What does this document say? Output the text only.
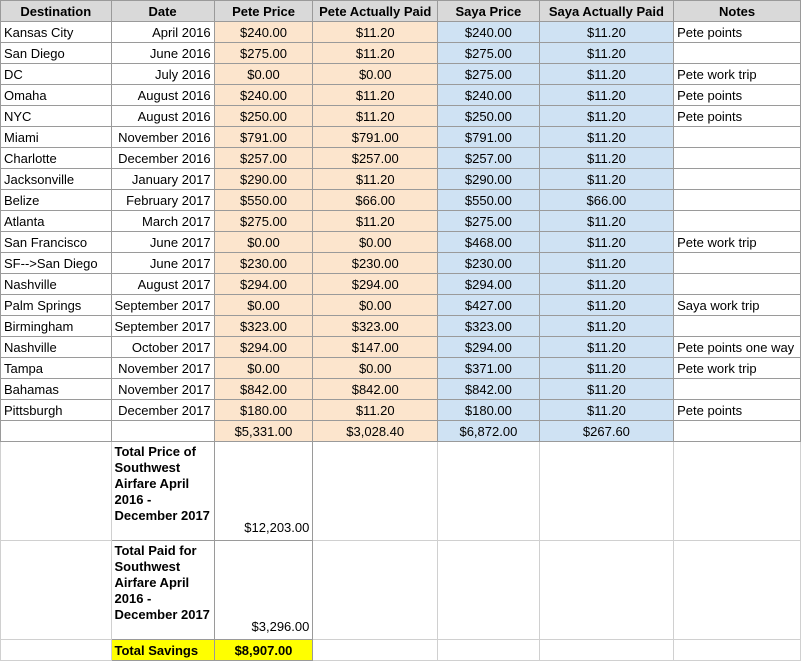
Destination	Date	Pete Price	Pete Actually Paid	Saya Price	Saya Actually Paid	Notes
Kansas City	April 2016	$240.00	$11.20	$240.00	$11.20	Pete points
San Diego	June 2016	$275.00	$11.20	$275.00	$11.20	
DC	July 2016	$0.00	$0.00	$275.00	$11.20	Pete work trip
Omaha	August 2016	$240.00	$11.20	$240.00	$11.20	Pete points
NYC	August 2016	$250.00	$11.20	$250.00	$11.20	Pete points
Miami	November 2016	$791.00	$791.00	$791.00	$11.20	
Charlotte	December 2016	$257.00	$257.00	$257.00	$11.20	
Jacksonville	January 2017	$290.00	$11.20	$290.00	$11.20	
Belize	February 2017	$550.00	$66.00	$550.00	$66.00	
Atlanta	March 2017	$275.00	$11.20	$275.00	$11.20	
San Francisco	June 2017	$0.00	$0.00	$468.00	$11.20	Pete work trip
SF-->San Diego	June 2017	$230.00	$230.00	$230.00	$11.20	
Nashville	August 2017	$294.00	$294.00	$294.00	$11.20	
Palm Springs	September 2017	$0.00	$0.00	$427.00	$11.20	Saya work trip
Birmingham	September 2017	$323.00	$323.00	$323.00	$11.20	
Nashville	October 2017	$294.00	$147.00	$294.00	$11.20	Pete points one way
Tampa	November 2017	$0.00	$0.00	$371.00	$11.20	Pete work trip
Bahamas	November 2017	$842.00	$842.00	$842.00	$11.20	
Pittsburgh	December 2017	$180.00	$11.20	$180.00	$11.20	Pete points
		$5,331.00	$3,028.40	$6,872.00	$267.60	
	Total Price of Southwest Airfare April 2016 - December 2017	$12,203.00				
	Total Paid for Southwest Airfare April 2016 - December 2017	$3,296.00				
	Total Savings	$8,907.00				
